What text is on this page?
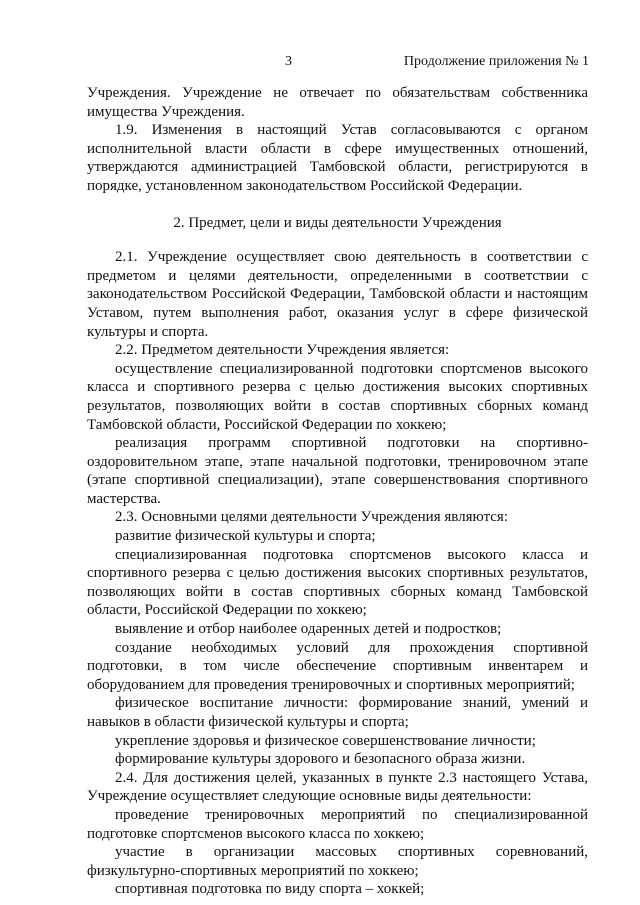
3	Продолжение приложения № 1

Учреждения. Учреждение не отвечает по обязательствам собственника имущества Учреждения.

1.9. Изменения в настоящий Устав согласовываются с органом исполнительной власти области в сфере имущественных отношений, утверждаются администрацией Тамбовской области, регистрируются в порядке, установленном законодательством Российской Федерации.

2. Предмет, цели и виды деятельности Учреждения

2.1. Учреждение осуществляет свою деятельность в соответствии с предметом и целями деятельности, определенными в соответствии с законодательством Российской Федерации, Тамбовской области и настоящим Уставом, путем выполнения работ, оказания услуг в сфере физической культуры и спорта.

2.2. Предметом деятельности Учреждения является:

осуществление специализированной подготовки спортсменов высокого класса и спортивного резерва с целью достижения высоких спортивных результатов, позволяющих войти в состав спортивных сборных команд Тамбовской области, Российской Федерации по хоккею;

реализация программ спортивной подготовки на спортивно-оздоровительном этапе, этапе начальной подготовки, тренировочном этапе (этапе спортивной специализации), этапе совершенствования спортивного мастерства.

2.3. Основными целями деятельности Учреждения являются:

развитие физической культуры и спорта;

специализированная подготовка спортсменов высокого класса и спортивного резерва с целью достижения высоких спортивных результатов, позволяющих войти в состав спортивных сборных команд Тамбовской области, Российской Федерации по хоккею;

выявление и отбор наиболее одаренных детей и подростков;

создание необходимых условий для прохождения спортивной подготовки, в том числе обеспечение спортивным инвентарем и оборудованием для проведения тренировочных и спортивных мероприятий;

физическое воспитание личности: формирование знаний, умений и навыков в области физической культуры и спорта;

укрепление здоровья и физическое совершенствование личности;

формирование культуры здорового и безопасного образа жизни.

2.4. Для достижения целей, указанных в пункте 2.3 настоящего Устава, Учреждение осуществляет следующие основные виды деятельности:

проведение тренировочных мероприятий по специализированной подготовке спортсменов высокого класса по хоккею;

участие в организации массовых спортивных соревнований, физкультурно-спортивных мероприятий по хоккею;

спортивная подготовка по виду спорта – хоккей;
